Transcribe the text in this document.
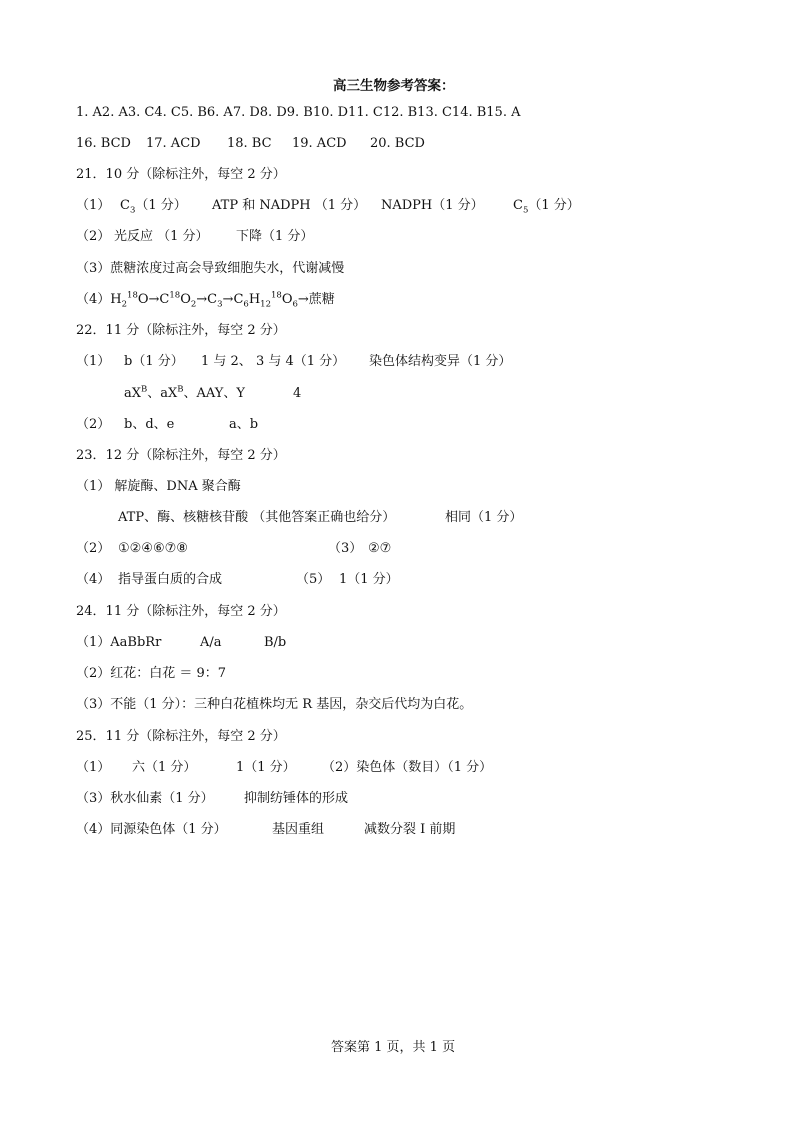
高三生物参考答案：
1. A2. A3. C4. C5. B6. A7. D8. D9. B10. D11. C12. B13. C14. B15. A
16. BCD 17. ACD 18. BC 19. ACD 20. BCD
21．10 分（除标注外，每空 2 分）
（1） $C_3(1$ 分） ATP 和 NADPH （1 分） NADPH（1 分） $C_5(1$ 分）
（2） 光反应 （1 分） 下降（1 分）
（3）蔗糖浓度过高会导致细胞失水，代谢减慢
$(4)H_2^{18}O\to C^{18}O_2\to C_3\to C_6H_{12}^{18}O_6\to$蔗糖
22．11 分（除标注外，每空 2 分）
（1） b（1 分） 1 与 2、 3 与 4（1 分） 染色体结构变异（1 分）
$aX^B$、$aX^B$、AAY、Y	4
（2） b、d、e	a、b
23．12 分（除标注外，每空 2 分）
（1） 解旋酶、DNA 聚合酶
ATP、酶、核糖核苷酸 （其他答案正确也给分）	相同（1 分）
（2） ①②④⑥⑦⑧	（3） ②⑦
（4） 指导蛋白质的合成	（5） 1（1 分）
24．11 分（除标注外，每空 2 分）
（1）AaBbRr	A/a	B/b
（2）红花：白花 ＝ 9：7
（3）不能（1 分）：三种白花植株均无 R 基因，杂交后代均为白花。
25．11 分（除标注外，每空 2 分）
（1） 六（1 分）	1（1 分） （2）染色体（数目）（1 分）
（3）秋水仙素（1 分） 抑制纺锤体的形成
（4）同源染色体（1 分）	基因重组	减数分裂 I 前期
答案第 1 页，共 1 页
